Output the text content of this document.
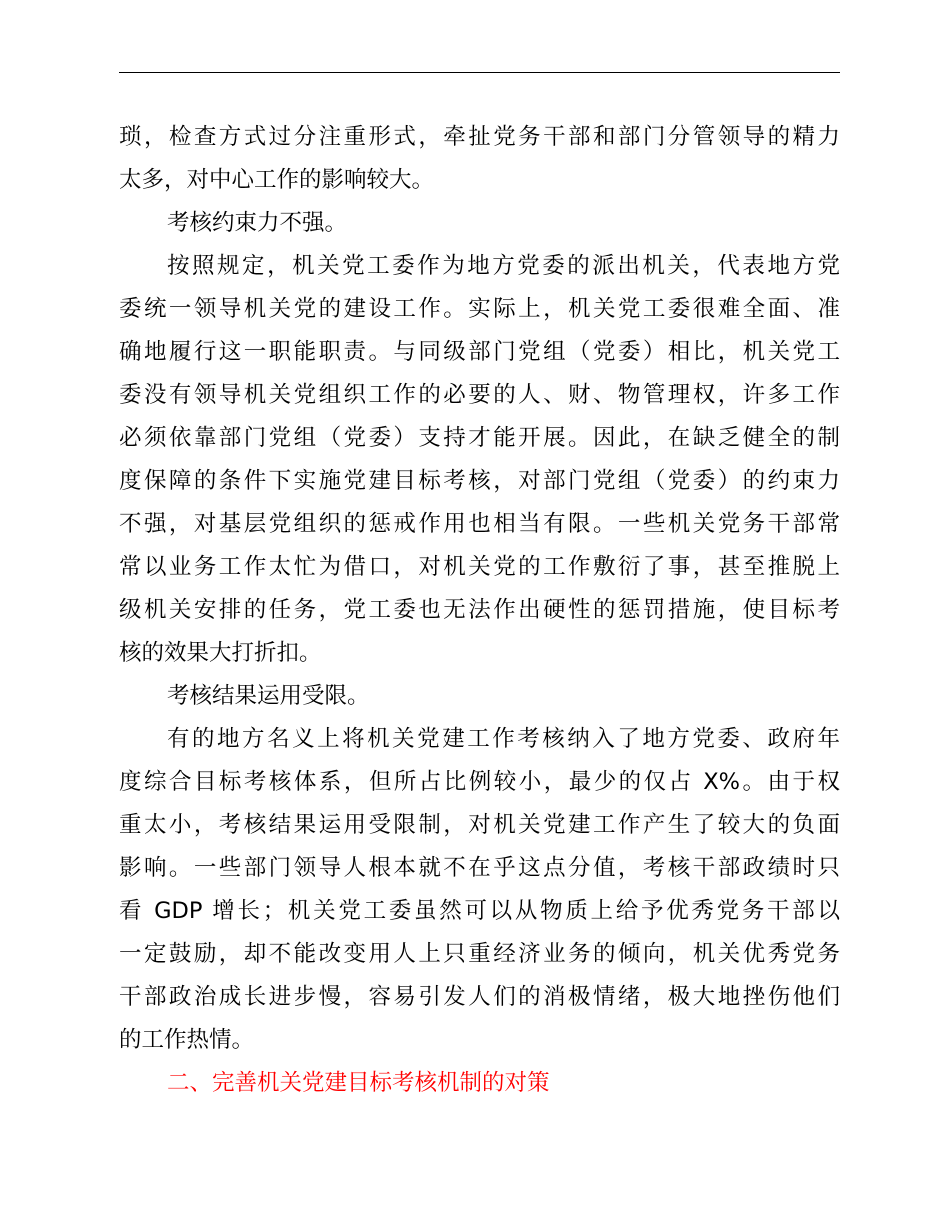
琐，检查方式过分注重形式，牵扯党务干部和部门分管领导的精力
太多，对中心工作的影响较大。

考核约束力不强。

按照规定，机关党工委作为地方党委的派出机关，代表地方党
委统一领导机关党的建设工作。实际上，机关党工委很难全面、准
确地履行这一职能职责。与同级部门党组（党委）相比，机关党工
委没有领导机关党组织工作的必要的人、财、物管理权，许多工作
必须依靠部门党组（党委）支持才能开展。因此，在缺乏健全的制
度保障的条件下实施党建目标考核，对部门党组（党委）的约束力
不强，对基层党组织的惩戒作用也相当有限。一些机关党务干部常
常以业务工作太忙为借口，对机关党的工作敷衍了事，甚至推脱上
级机关安排的任务，党工委也无法作出硬性的惩罚措施，使目标考
核的效果大打折扣。

考核结果运用受限。

有的地方名义上将机关党建工作考核纳入了地方党委、政府年
度综合目标考核体系，但所占比例较小，最少的仅占 X%。由于权
重太小，考核结果运用受限制，对机关党建工作产生了较大的负面
影响。一些部门领导人根本就不在乎这点分值，考核干部政绩时只
看 GDP 增长；机关党工委虽然可以从物质上给予优秀党务干部以
一定鼓励，却不能改变用人上只重经济业务的倾向，机关优秀党务
干部政治成长进步慢，容易引发人们的消极情绪，极大地挫伤他们
的工作热情。

二、完善机关党建目标考核机制的对策
